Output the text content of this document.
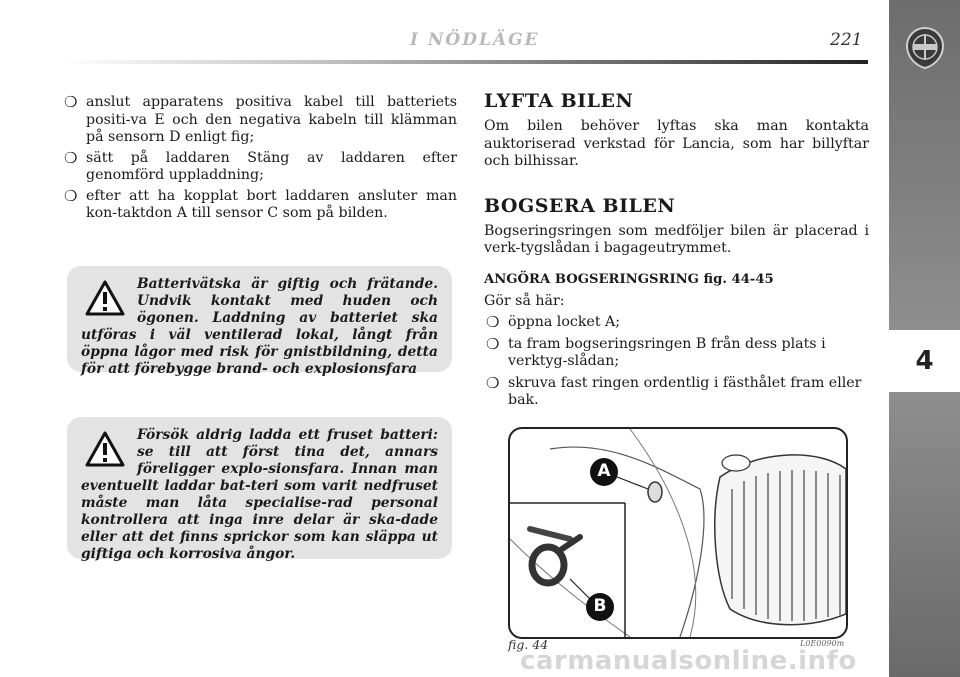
I NÖDLÄGE	221
4
❍ anslut apparatens positiva kabel till batteriets positi-va E och den negativa kabeln till klämman på sensorn D enligt fig;
❍ sätt på laddaren Stäng av laddaren efter genomförd uppladdning;
❍ efter att ha kopplat bort laddaren ansluter man kon-taktdon A till sensor C som på bilden.
Batterivätska är giftig och frätande. Undvik kontakt med huden och ögonen. Laddning av batteriet ska utföras i väl ventilerad lokal, långt från öppna lågor med risk för gnistbildning, detta för att förebygge brand- och explosionsfara
Försök aldrig ladda ett fruset batteri: se till att först tina det, annars föreligger explo-sionsfara. Innan man eventuellt laddar bat-teri som varit nedfruset måste man låta specialise-rad personal kontrollera att inga inre delar är ska-dade eller att det finns sprickor som kan släppa ut giftiga och korrosiva ångor.
LYFTA BILEN

Om bilen behöver lyftas ska man kontakta auktoriserad verkstad för Lancia, som har billyftar och bilhissar.

BOGSERA BILEN

Bogseringsringen som medföljer bilen är placerad i verk-tygslådan i bagageutrymmet.

ANGÖRA BOGSERINGSRING fig. 44-45

Gör så här:

❍ öppna locket A;
❍ ta fram bogseringsringen B från dess plats i verktyg-slådan;
❍ skruva fast ringen ordentlig i fästhålet fram eller bak.
A
B
fig. 44	L0E0090m
carmanualsonline.info
